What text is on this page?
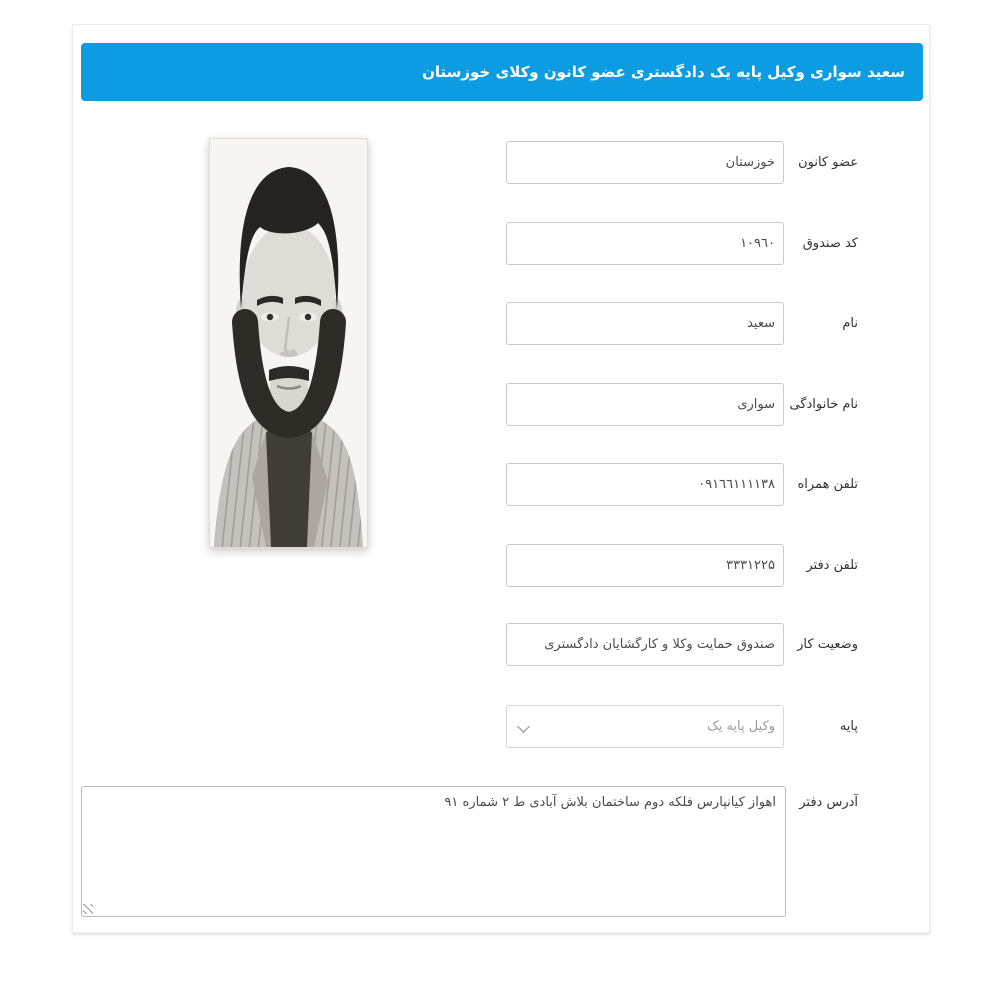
سعید سواری وکیل پایه یک دادگستری عضو کانون وکلای خوزستان
خوزستان
عضو کانون
١٠٩٦٠
کد صندوق
سعید
نام
سواری
نام خانوادگی
٠٩١٦٦١١١١٣٨
تلفن همراه
٣٣٣١٢٢۵
تلفن دفتر
صندوق حمایت وکلا و کارگشایان دادگستری
وضعیت کار
وکیل پایه یک	پایه
اهواز کیانپارس فلکه دوم ساختمان بلاش آبادی ط ٢ شماره ٩١
آدرس دفتر
